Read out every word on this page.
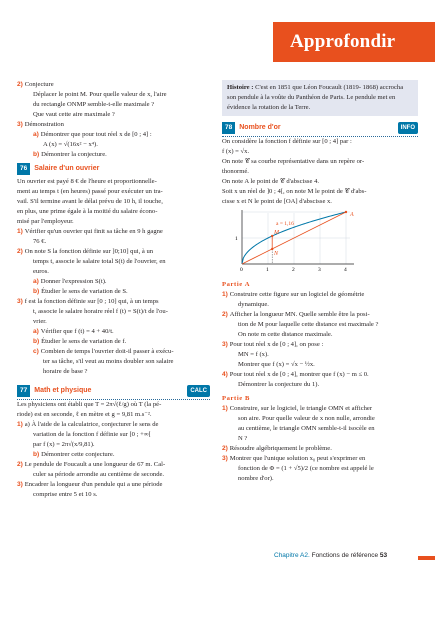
Approfondir

2) Conjecture

Déplacer le point M. Pour quelle valeur de x, l'aire

du rectangle ONMP semble-t-elle maximale ?

Que vaut cette aire maximale ?

3) Démonstration

a) Démontrer que pour tout réel x de [0 ; 4] :

A (x) = √(16x² − x⁴).

b) Démontrer la conjecture.

76	Salaire d'un ouvrier

Un ouvrier est payé 8 € de l'heure et proportionnelle-

ment au temps t (en heures) passé pour exécuter un tra-

vail. S'il termine avant le délai prévu de 10 h, il touche,

en plus, une prime égale à la moitié du salaire écono-

misé par l'employeur.

1) Vérifier qu'un ouvrier qui finit sa tâche en 9 h gagne

76 €.

2) On note S la fonction définie sur ]0;10] qui, à un

temps t, associe le salaire total S(t) de l'ouvrier, en

euros.

a) Donner l'expression S(t).

b) Étudier le sens de variation de S.

3) f est la fonction définie sur [0 ; 10] qui, à un temps

t, associe le salaire horaire réel f (t) = S(t)/t de l'ou-

vrier.

a) Vérifier que f (t) = 4 + 40/t.

b) Étudier le sens de variation de f.

c) Combien de temps l'ouvrier doit-il passer à exécu-

ter sa tâche, s'il veut au moins doubler son salaire

horaire de base ?

77	Math et physique	CALC

Les physiciens ont établi que T = 2π√(ℓ/g) où T (la pé-

riode) est en seconde, ℓ en mètre et g = 9,81 m.s⁻².

1) a) À l'aide de la calculatrice, conjecturer le sens de

variation de la fonction f définie sur [0 ; +∞[

par f (x) = 2π√(x/9,81).

b) Démontrer cette conjecture.

2) Le pendule de Foucault a une longueur de 67 m. Cal-

culer sa période arrondie au centième de seconde.

3) Encadrer la longueur d'un pendule qui a une période

comprise entre 5 et 10 s.

Histoire : C'est en 1851 que Léon Foucault (1819- 1868) accrocha son pendule à la voûte du Panthéon de Paris. Le pendule met en évidence la rotation de la Terre.
78	Nombre d'or	INFO

On considère la fonction f définie sur [0 ; 4] par :

f (x) = √x.

On note 𝒞 sa courbe représentative dans un repère or-

thonormé.

On note A le point de 𝒞 d'abscisse 4.

Soit x un réel de ]0 ; 4[, on note M le point de 𝒞 d'abs-

cisse x et N le point de [OA] d'abscisse x.

a = 1,16
A
M
N
0	1	2	3	4
1
Partie A

1) Construire cette figure sur un logiciel de géométrie

dynamique.

2) Afficher la longueur MN. Quelle semble être la posi-

tion de M pour laquelle cette distance est maximale ?

On note m cette distance maximale.

3) Pour tout réel x de [0 ; 4], on pose :

MN = f (x).

Montrer que f (x) = √x − ½x.

4) Pour tout réel x de [0 ; 4], montrer que f (x) − m ≤ 0.

Démontrer la conjecture du 1).

Partie B

1) Construire, sur le logiciel, le triangle OMN et afficher

son aire. Pour quelle valeur de x non nulle, arrondie

au centième, le triangle OMN semble-t-il isocèle en

N ?

2) Résoudre algébriquement le problème.

3) Montrer que l'unique solution x₀ peut s'exprimer en

fonction de Φ = (1 + √5)/2 (ce nombre est appelé le

nombre d'or).

Chapitre A2. Fonctions de référence 53
